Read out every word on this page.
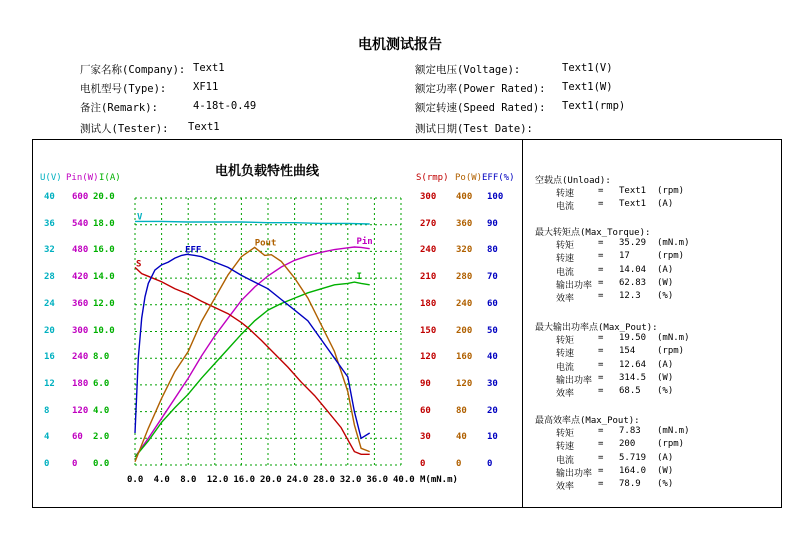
电机测试报告
厂家名称(Company): Text1
电机型号(Type):	XF11
备注(Remark):	4-18t-0.49
测试人(Tester): Text1
额定电压(Voltage):	Text1(V)
额定功率(Power Rated): Text1(W)
额定转速(Speed Rated): Text1(rmp)
测试日期(Test Date):
电机负载特性曲线
U(V) Pin(W) I(A)	S(rmp) Po(W) EFF(%)
0
4
8
12
16
20
24
28
32
36
40
0
60
120
180
240
300
360
420
480
540
600
0.0
2.0
4.0
6.0
8.0
10.0
12.0
14.0
16.0
18.0
20.0
0
30
60
90
120
150
180
210
240
270
300
0
40
80
120
160
200
240
280
320
360
400
0
10
20
30
40
50
60
70
80
90
100
0.0 4.0 8.0 12.0 16.0 20.0 24.0 28.0 32.0 36.0 40.0
V
Pin
I
S
Pout
EFF
M(mN.m)
空载点(Unload):
转速	= Text1 (rpm)
电流	= Text1 (A)
最大转矩点(Max_Torque):
转矩	= 35.29 (mN.m)
转速	= 17	(rpm)
电流	= 14.04 (A)
输出功率 = 62.83 (W)
效率	= 12.3 (%)
最大输出功率点(Max_Pout):
转矩	= 19.50 (mN.m)
转速	= 154 (rpm)
电流	= 12.64 (A)
输出功率 = 314.5 (W)
效率	= 68.5 (%)
最高效率点(Max_Pout):
转矩	= 7.83 (mN.m)
转速	= 200 (rpm)
电流	= 5.719 (A)
输出功率 = 164.0 (W)
效率	= 78.9 (%)
